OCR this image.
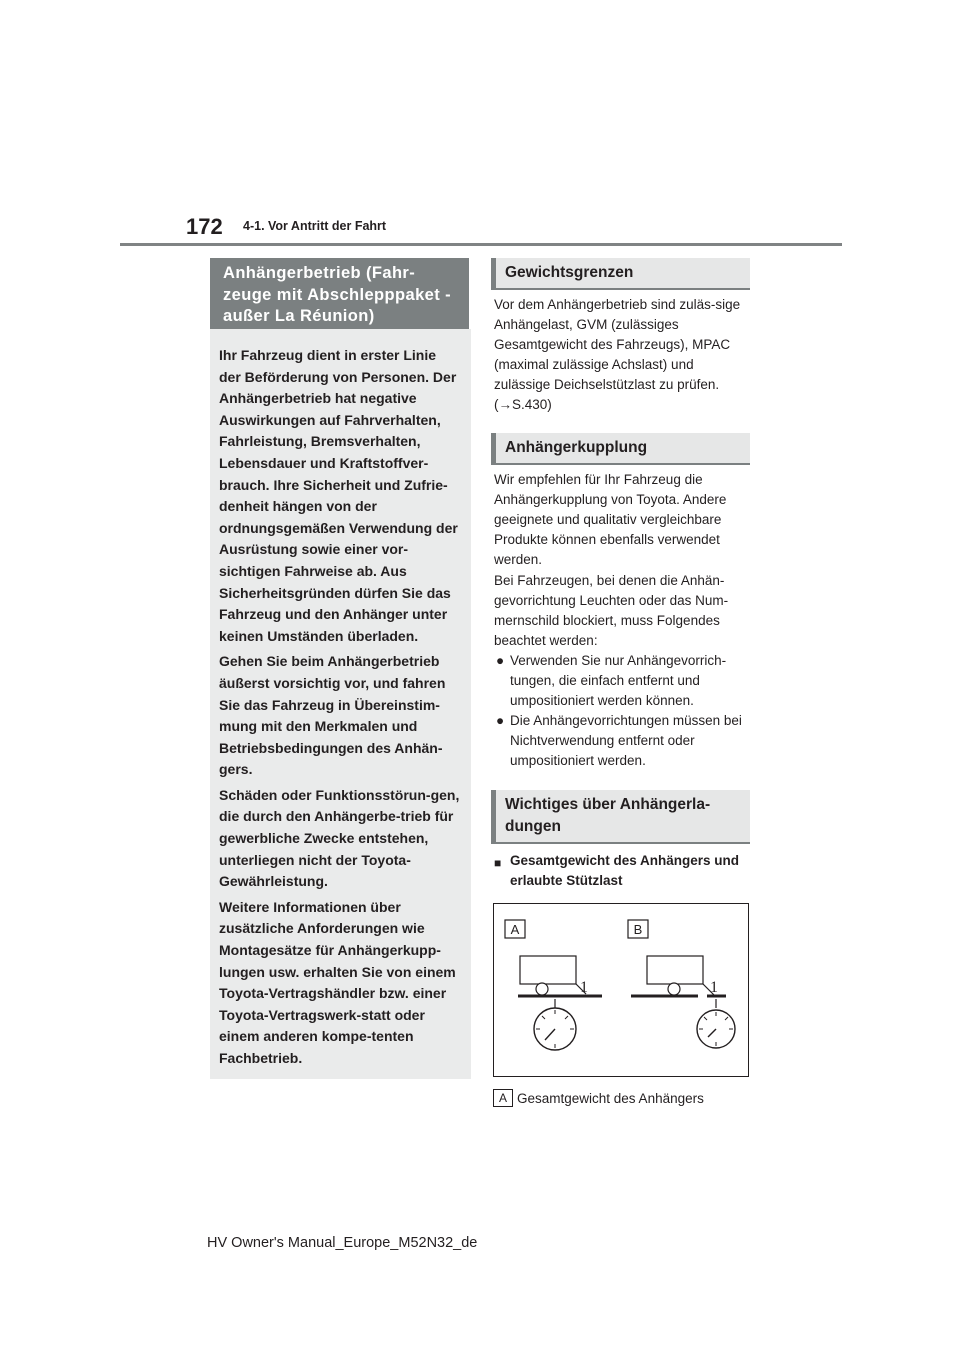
172 4-1. Vor Antritt der Fahrt
Anhängerbetrieb (Fahr-zeuge mit Abschlepppaket - außer La Réunion)

Ihr Fahrzeug dient in erster Linie der Beförderung von Personen. Der Anhängerbetrieb hat negative Auswirkungen auf Fahrverhalten, Fahrleistung, Bremsverhalten, Lebensdauer und Kraftstoffver-brauch. Ihre Sicherheit und Zufrie-denheit hängen von der ordnungsgemäßen Verwendung der Ausrüstung sowie einer vor-sichtigen Fahrweise ab. Aus Sicherheitsgründen dürfen Sie das Fahrzeug und den Anhänger unter keinen Umständen überladen.

Gehen Sie beim Anhängerbetrieb äußerst vorsichtig vor, und fahren Sie das Fahrzeug in Übereinstim-mung mit den Merkmalen und Betriebsbedingungen des Anhän-gers.

Schäden oder Funktionsstörun-gen, die durch den Anhängerbe-trieb für gewerbliche Zwecke entstehen, unterliegen nicht der Toyota-Gewährleistung.

Weitere Informationen über zusätzliche Anforderungen wie Montagesätze für Anhängerkupp-lungen usw. erhalten Sie von einem Toyota-Vertragshändler bzw. einer Toyota-Vertragswerk-statt oder einem anderen kompe-tenten Fachbetrieb.

Gewichtsgrenzen

Vor dem Anhängerbetrieb sind zuläs-sige Anhängelast, GVM (zulässiges Gesamtgewicht des Fahrzeugs), MPAC (maximal zulässige Achslast) und zulässige Deichselstützlast zu prüfen. (→S.430)

Anhängerkupplung

Wir empfehlen für Ihr Fahrzeug die Anhängerkupplung von Toyota. Andere geeignete und qualitativ vergleichbare Produkte können ebenfalls verwendet werden.

Bei Fahrzeugen, bei denen die Anhän-gevorrichtung Leuchten oder das Num-mernschild blockiert, muss Folgendes beachtet werden:

● Verwenden Sie nur Anhängevorrich-tungen, die einfach entfernt und umpositioniert werden können.
● Die Anhängevorrichtungen müssen bei Nichtverwendung entfernt oder umpositioniert werden.
Wichtiges über Anhängerla-dungen
■ Gesamtgewicht des Anhängers und erlaubte Stützlast
A	B
1	1
A Gesamtgewicht des Anhängers
HV Owner's Manual_Europe_M52N32_de
